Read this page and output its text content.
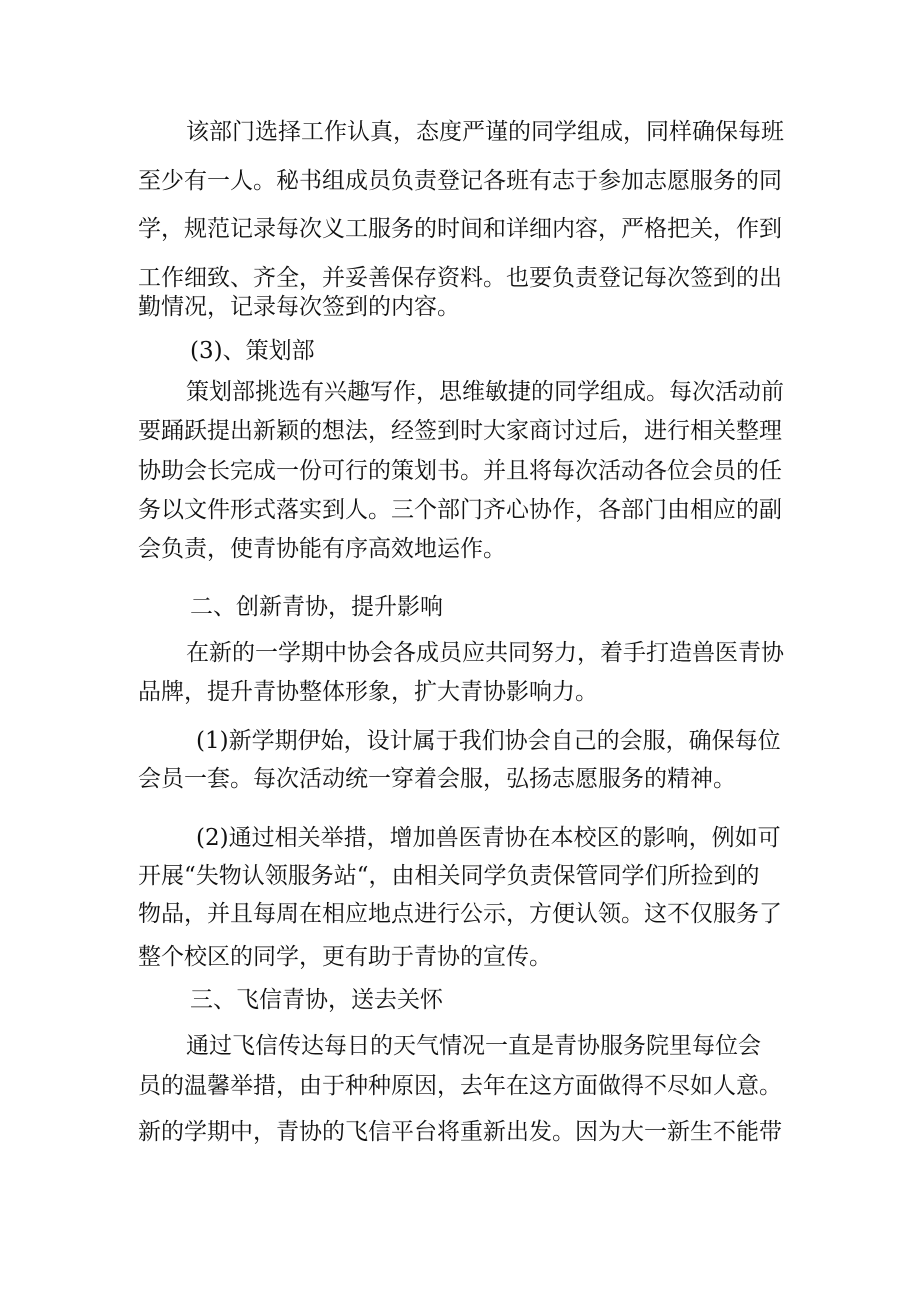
该部门选择工作认真，态度严谨的同学组成，同样确保每班
至少有一人。秘书组成员负责登记各班有志于参加志愿服务的同
学，规范记录每次义工服务的时间和详细内容，严格把关，作到
工作细致、齐全，并妥善保存资料。也要负责登记每次签到的出
勤情况，记录每次签到的内容。
(3)、策划部
策划部挑选有兴趣写作，思维敏捷的同学组成。每次活动前
要踊跃提出新颖的想法，经签到时大家商讨过后，进行相关整理
协助会长完成一份可行的策划书。并且将每次活动各位会员的任
务以文件形式落实到人。三个部门齐心协作，各部门由相应的副
会负责，使青协能有序高效地运作。
二、创新青协，提升影响
在新的一学期中协会各成员应共同努力，着手打造兽医青协
品牌，提升青协整体形象，扩大青协影响力。
(1)新学期伊始，设计属于我们协会自己的会服，确保每位
会员一套。每次活动统一穿着会服，弘扬志愿服务的精神。
(2)通过相关举措，增加兽医青协在本校区的影响，例如可
开展“失物认领服务站“，由相关同学负责保管同学们所捡到的
物品，并且每周在相应地点进行公示，方便认领。这不仅服务了
整个校区的同学，更有助于青协的宣传。
三、飞信青协，送去关怀
通过飞信传达每日的天气情况一直是青协服务院里每位会
员的温馨举措，由于种种原因，去年在这方面做得不尽如人意。
新的学期中，青协的飞信平台将重新出发。因为大一新生不能带
